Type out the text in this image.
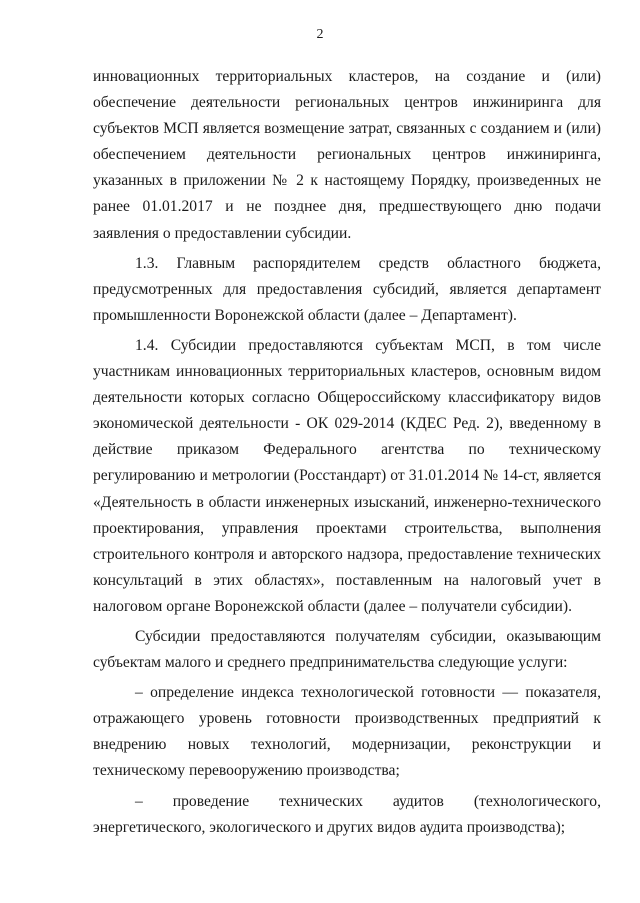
2

инновационных территориальных кластеров, на создание и (или) обеспечение деятельности региональных центров инжиниринга для субъектов МСП является возмещение затрат, связанных с созданием и (или) обеспечением деятельности региональных центров инжиниринга, указанных в приложении № 2 к настоящему Порядку, произведенных не ранее 01.01.2017 и не позднее дня, предшествующего дню подачи заявления о предоставлении субсидии.

1.3. Главным распорядителем средств областного бюджета, предусмотренных для предоставления субсидий, является департамент промышленности Воронежской области (далее – Департамент).

1.4. Субсидии предоставляются субъектам МСП, в том числе участникам инновационных территориальных кластеров, основным видом деятельности которых согласно Общероссийскому классификатору видов экономической деятельности - ОК 029-2014 (КДЕС Ред. 2), введенному в действие приказом Федерального агентства по техническому регулированию и метрологии (Росстандарт) от 31.01.2014 № 14-ст, является «Деятельность в области инженерных изысканий, инженерно-технического проектирования, управления проектами строительства, выполнения строительного контроля и авторского надзора, предоставление технических консультаций в этих областях», поставленным на налоговый учет в налоговом органе Воронежской области (далее – получатели субсидии).

Субсидии предоставляются получателям субсидии, оказывающим субъектам малого и среднего предпринимательства следующие услуги:

– определение индекса технологической готовности — показателя, отражающего уровень готовности производственных предприятий к внедрению новых технологий, модернизации, реконструкции и техническому перевооружению производства;

– проведение технических аудитов (технологического, энергетического, экологического и других видов аудита производства);
